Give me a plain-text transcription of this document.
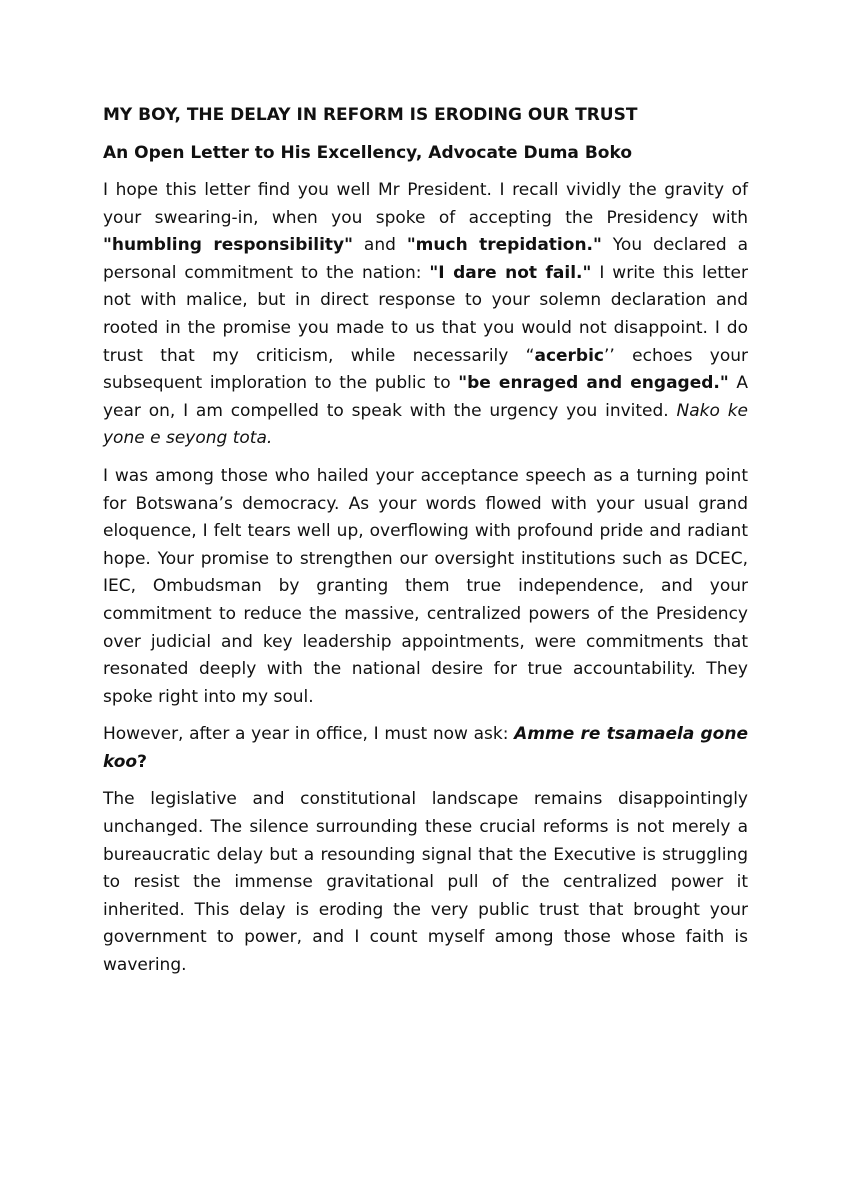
MY BOY, THE DELAY IN REFORM IS ERODING OUR TRUST
An Open Letter to His Excellency, Advocate Duma Boko

I hope this letter find you well Mr President. I recall vividly the gravity of your swearing-in, when you spoke of accepting the Presidency with "humbling responsibility" and "much trepidation." You declared a personal commitment to the nation: "I dare not fail." I write this letter not with malice, but in direct response to your solemn declaration and rooted in the promise you made to us that you would not disappoint. I do trust that my criticism, while necessarily “acerbic’’ echoes your subsequent imploration to the public to "be enraged and engaged." A year on, I am compelled to speak with the urgency you invited. Nako ke yone e seyong tota.

I was among those who hailed your acceptance speech as a turning point for Botswana’s democracy. As your words flowed with your usual grand eloquence, I felt tears well up, overflowing with profound pride and radiant hope. Your promise to strengthen our oversight institutions such as DCEC, IEC, Ombudsman by granting them true independence, and your commitment to reduce the massive, centralized powers of the Presidency over judicial and key leadership appointments, were commitments that resonated deeply with the national desire for true accountability. They spoke right into my soul.

However, after a year in office, I must now ask: Amme re tsamaela gone koo?

The legislative and constitutional landscape remains disappointingly unchanged. The silence surrounding these crucial reforms is not merely a bureaucratic delay but a resounding signal that the Executive is struggling to resist the immense gravitational pull of the centralized power it inherited. This delay is eroding the very public trust that brought your government to power, and I count myself among those whose faith is wavering.
